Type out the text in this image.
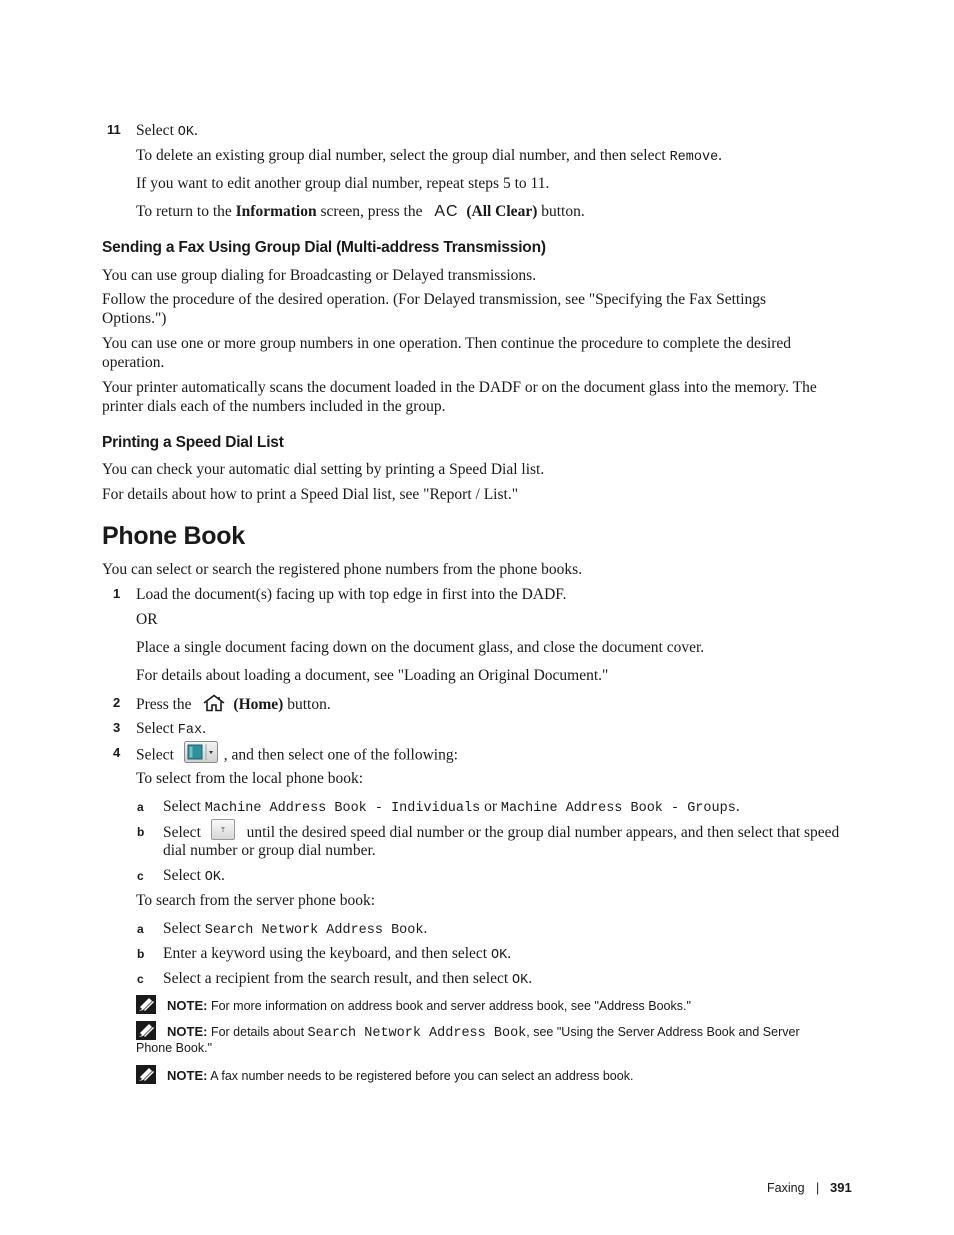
11 Select OK.
To delete an existing group dial number, select the group dial number, and then select Remove.
If you want to edit another group dial number, repeat steps 5 to 11.
To return to the Information screen, press the AC (All Clear) button.
Sending a Fax Using Group Dial (Multi-address Transmission)
You can use group dialing for Broadcasting or Delayed transmissions.
Follow the procedure of the desired operation. (For Delayed transmission, see "Specifying the Fax Settings Options.")
You can use one or more group numbers in one operation. Then continue the procedure to complete the desired operation.
Your printer automatically scans the document loaded in the DADF or on the document glass into the memory. The printer dials each of the numbers included in the group.
Printing a Speed Dial List
You can check your automatic dial setting by printing a Speed Dial list.
For details about how to print a Speed Dial list, see "Report / List."
Phone Book
You can select or search the registered phone numbers from the phone books.
1 Load the document(s) facing up with top edge in first into the DADF.
OR
Place a single document facing down on the document glass, and close the document cover.
For details about loading a document, see "Loading an Original Document."
2 Press the (Home) button.
3 Select Fax.
4 Select	, and then select one of the following:
To select from the local phone book:
a Select Machine Address Book - Individuals or Machine Address Book - Groups.
b Select  until the desired speed dial number or the group dial number appears, and then select that speed
dial number or group dial number.
c Select OK.
To search from the server phone book:
a Select Search Network Address Book.
b Enter a keyword using the keyboard, and then select OK.
c Select a recipient from the search result, and then select OK.
NOTE: For more information on address book and server address book, see "Address Books."
NOTE: For details about Search Network Address Book, see "Using the Server Address Book and Server
Phone Book."
NOTE: A fax number needs to be registered before you can select an address book.
Faxing | 391
